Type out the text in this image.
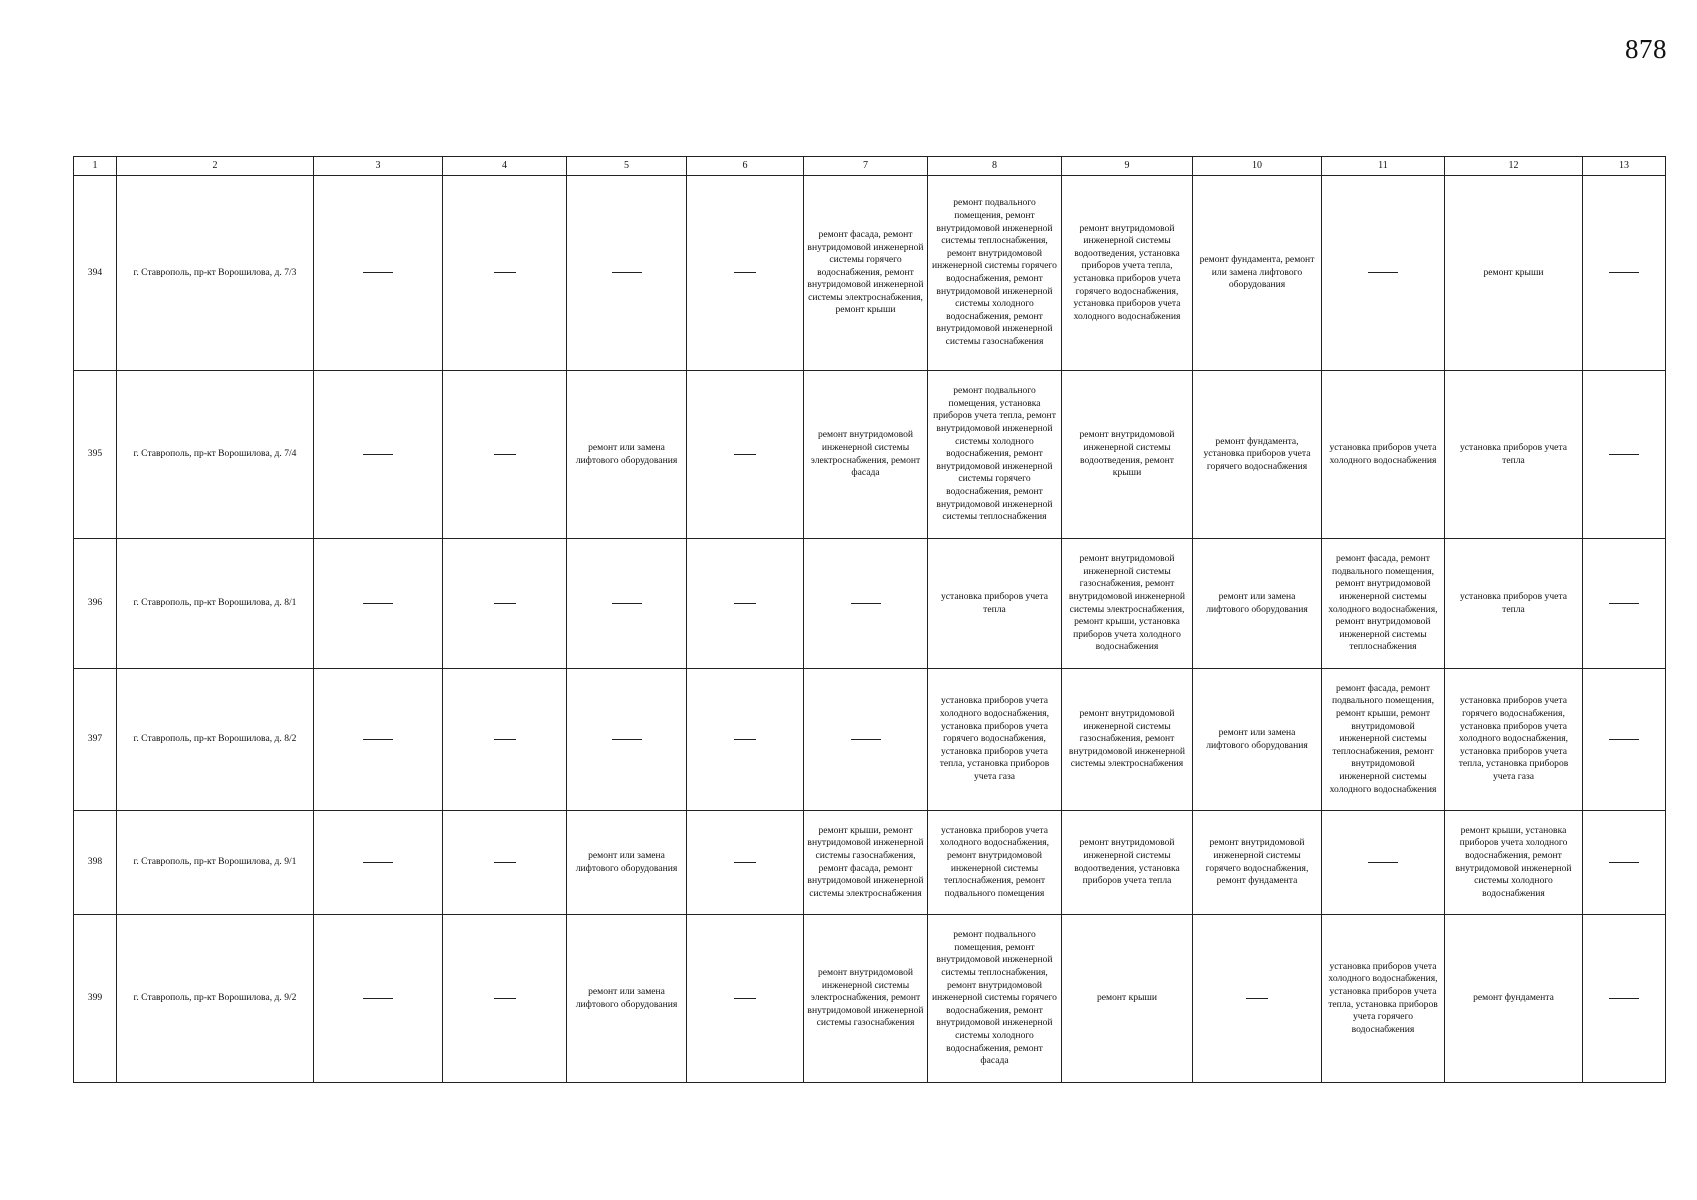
878
1	2	3	4	5	6	7	8	9	10	11	12	13
394	г. Ставрополь, пр-кт Ворошилова, д. 7/3					ремонт фасада, ремонт внутридомовой инженерной системы горячего водоснабжения, ремонт внутридомовой инженерной системы электроснабжения, ремонт крыши	ремонт подвального помещения, ремонт внутридомовой инженерной системы теплоснабжения, ремонт внутридомовой инженерной системы горячего водоснабжения, ремонт внутридомовой инженерной системы холодного водоснабжения, ремонт внутридомовой инженерной системы газоснабжения	ремонт внутридомовой инженерной системы водоотведения, установка приборов учета тепла, установка приборов учета горячего водоснабжения, установка приборов учета холодного водоснабжения	ремонт фундамента, ремонт или замена лифтового оборудования		ремонт крыши	
395	г. Ставрополь, пр-кт Ворошилова, д. 7/4			ремонт или замена лифтового оборудования		ремонт внутридомовой инженерной системы электроснабжения, ремонт фасада	ремонт подвального помещения, установка приборов учета тепла, ремонт внутридомовой инженерной системы холодного водоснабжения, ремонт внутридомовой инженерной системы горячего водоснабжения, ремонт внутридомовой инженерной системы теплоснабжения	ремонт внутридомовой инженерной системы водоотведения, ремонт крыши	ремонт фундамента, установка приборов учета горячего водоснабжения	установка приборов учета холодного водоснабжения	установка приборов учета тепла	
396	г. Ставрополь, пр-кт Ворошилова, д. 8/1						установка приборов учета тепла	ремонт внутридомовой инженерной системы газоснабжения, ремонт внутридомовой инженерной системы электроснабжения, ремонт крыши, установка приборов учета холодного водоснабжения	ремонт или замена лифтового оборудования	ремонт фасада, ремонт подвального помещения, ремонт внутридомовой инженерной системы холодного водоснабжения, ремонт внутридомовой инженерной системы теплоснабжения	установка приборов учета тепла	
397	г. Ставрополь, пр-кт Ворошилова, д. 8/2						установка приборов учета холодного водоснабжения, установка приборов учета горячего водоснабжения, установка приборов учета тепла, установка приборов учета газа	ремонт внутридомовой инженерной системы газоснабжения, ремонт внутридомовой инженерной системы электроснабжения	ремонт или замена лифтового оборудования	ремонт фасада, ремонт подвального помещения, ремонт крыши, ремонт внутридомовой инженерной системы теплоснабжения, ремонт внутридомовой инженерной системы холодного водоснабжения	установка приборов учета горячего водоснабжения, установка приборов учета холодного водоснабжения, установка приборов учета тепла, установка приборов учета газа	
398	г. Ставрополь, пр-кт Ворошилова, д. 9/1			ремонт или замена лифтового оборудования		ремонт крыши, ремонт внутридомовой инженерной системы газоснабжения, ремонт фасада, ремонт внутридомовой инженерной системы электроснабжения	установка приборов учета холодного водоснабжения, ремонт внутридомовой инженерной системы теплоснабжения, ремонт подвального помещения	ремонт внутридомовой инженерной системы водоотведения, установка приборов учета тепла	ремонт внутридомовой инженерной системы горячего водоснабжения, ремонт фундамента		ремонт крыши, установка приборов учета холодного водоснабжения, ремонт внутридомовой инженерной системы холодного водоснабжения	
399	г. Ставрополь, пр-кт Ворошилова, д. 9/2			ремонт или замена лифтового оборудования		ремонт внутридомовой инженерной системы электроснабжения, ремонт внутридомовой инженерной системы газоснабжения	ремонт подвального помещения, ремонт внутридомовой инженерной системы теплоснабжения, ремонт внутридомовой инженерной системы горячего водоснабжения, ремонт внутридомовой инженерной системы холодного водоснабжения, ремонт фасада	ремонт крыши		установка приборов учета холодного водоснабжения, установка приборов учета тепла, установка приборов учета горячего водоснабжения	ремонт фундамента	
